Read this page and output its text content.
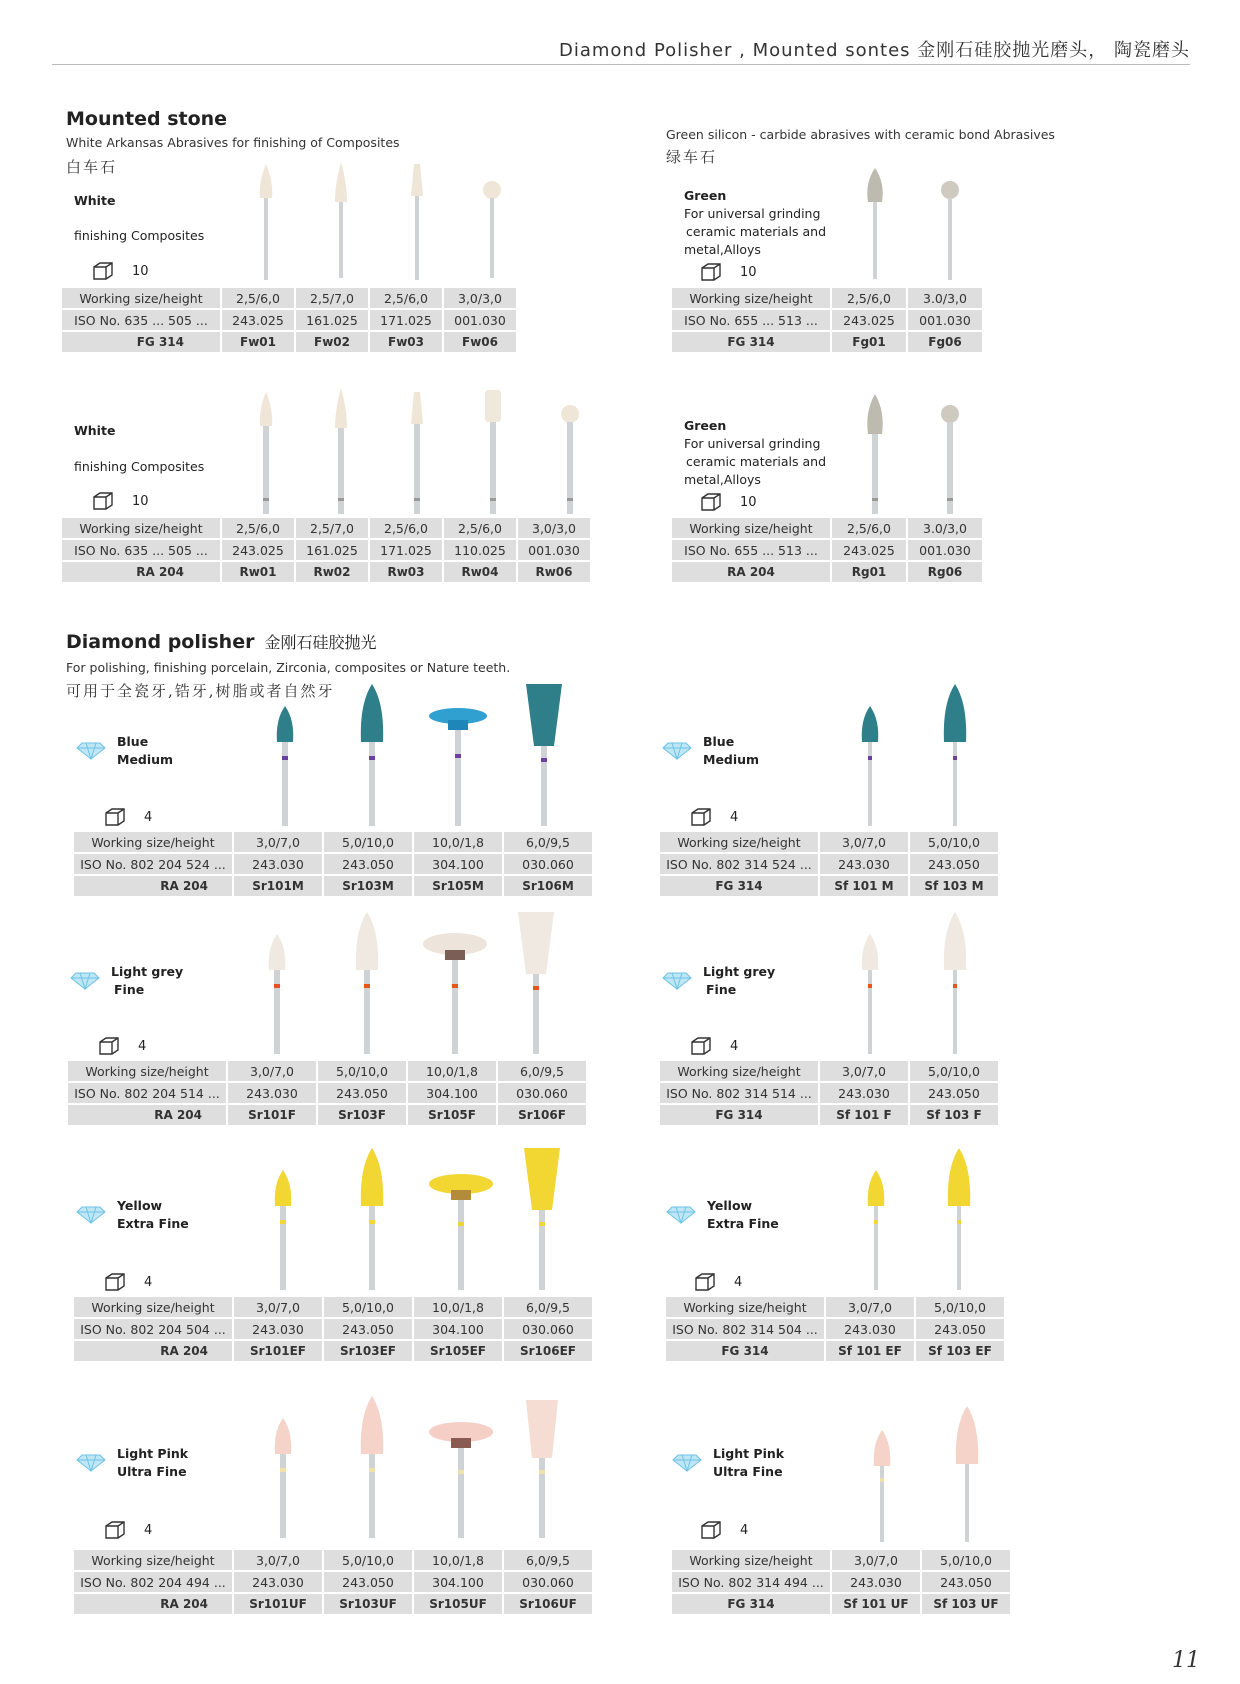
Diamond Polisher , Mounted sontes 金刚石硅胶抛光磨头， 陶瓷磨头
Mounted stone
White Arkansas Abrasives for finishing of Composites
白车石
Green silicon - carbide abrasives with ceramic bond Abrasives
绿车石
White
finishing Composites
10
Working size/height	2,5/6,0	2,5/7,0	2,5/6,0	3,0/3,0
ISO No. 635 ... 505 ...	243.025	161.025	171.025	001.030
FG 314	Fw01	Fw02	Fw03	Fw06
Green
For universal grinding
ceramic materials and
metal,Alloys
10
Working size/height	2,5/6,0	3.0/3,0
ISO No. 655 ... 513 ...	243.025	001.030
FG 314	Fg01	Fg06
White
finishing Composites
10
Working size/height	2,5/6,0	2,5/7,0	2,5/6,0	2,5/6,0	3,0/3,0
ISO No. 635 ... 505 ...	243.025	161.025	171.025	110.025	001.030
RA 204	Rw01	Rw02	Rw03	Rw04	Rw06
Green
For universal grinding
ceramic materials and
metal,Alloys
10
Working size/height	2,5/6,0	3.0/3,0
ISO No. 655 ... 513 ...	243.025	001.030
RA 204	Rg01	Rg06
Diamond polisher 金刚石硅胶抛光
For polishing, finishing porcelain, Zirconia, composites or Nature teeth.
可用于全瓷牙,锆牙,树脂或者自然牙
Blue
Medium
4
Working size/height	3,0/7,0	5,0/10,0	10,0/1,8	6,0/9,5
ISO No. 802 204 524 ...	243.030	243.050	304.100	030.060
RA 204	Sr101M	Sr103M	Sr105M	Sr106M
Blue
Medium
4
Working size/height	3,0/7,0	5,0/10,0
ISO No. 802 314 524 ...	243.030	243.050
FG 314	Sf 101 M	Sf 103 M
Light grey
Fine
4
Working size/height	3,0/7,0	5,0/10,0	10,0/1,8	6,0/9,5
ISO No. 802 204 514 ...	243.030	243.050	304.100	030.060
RA 204	Sr101F	Sr103F	Sr105F	Sr106F
Light grey
Fine
4
Working size/height	3,0/7,0	5,0/10,0
ISO No. 802 314 514 ...	243.030	243.050
FG 314	Sf 101 F	Sf 103 F
Yellow
Extra Fine
4
Working size/height	3,0/7,0	5,0/10,0	10,0/1,8	6,0/9,5
ISO No. 802 204 504 ...	243.030	243.050	304.100	030.060
RA 204	Sr101EF	Sr103EF	Sr105EF	Sr106EF
Yellow
Extra Fine
4
Working size/height	3,0/7,0	5,0/10,0
ISO No. 802 314 504 ...	243.030	243.050
FG 314	Sf 101 EF	Sf 103 EF
Light Pink
Ultra Fine
4
Working size/height	3,0/7,0	5,0/10,0	10,0/1,8	6,0/9,5
ISO No. 802 204 494 ...	243.030	243.050	304.100	030.060
RA 204	Sr101UF	Sr103UF	Sr105UF	Sr106UF
Light Pink
Ultra Fine
4
Working size/height	3,0/7,0	5,0/10,0
ISO No. 802 314 494 ...	243.030	243.050
FG 314	Sf 101 UF	Sf 103 UF
11
